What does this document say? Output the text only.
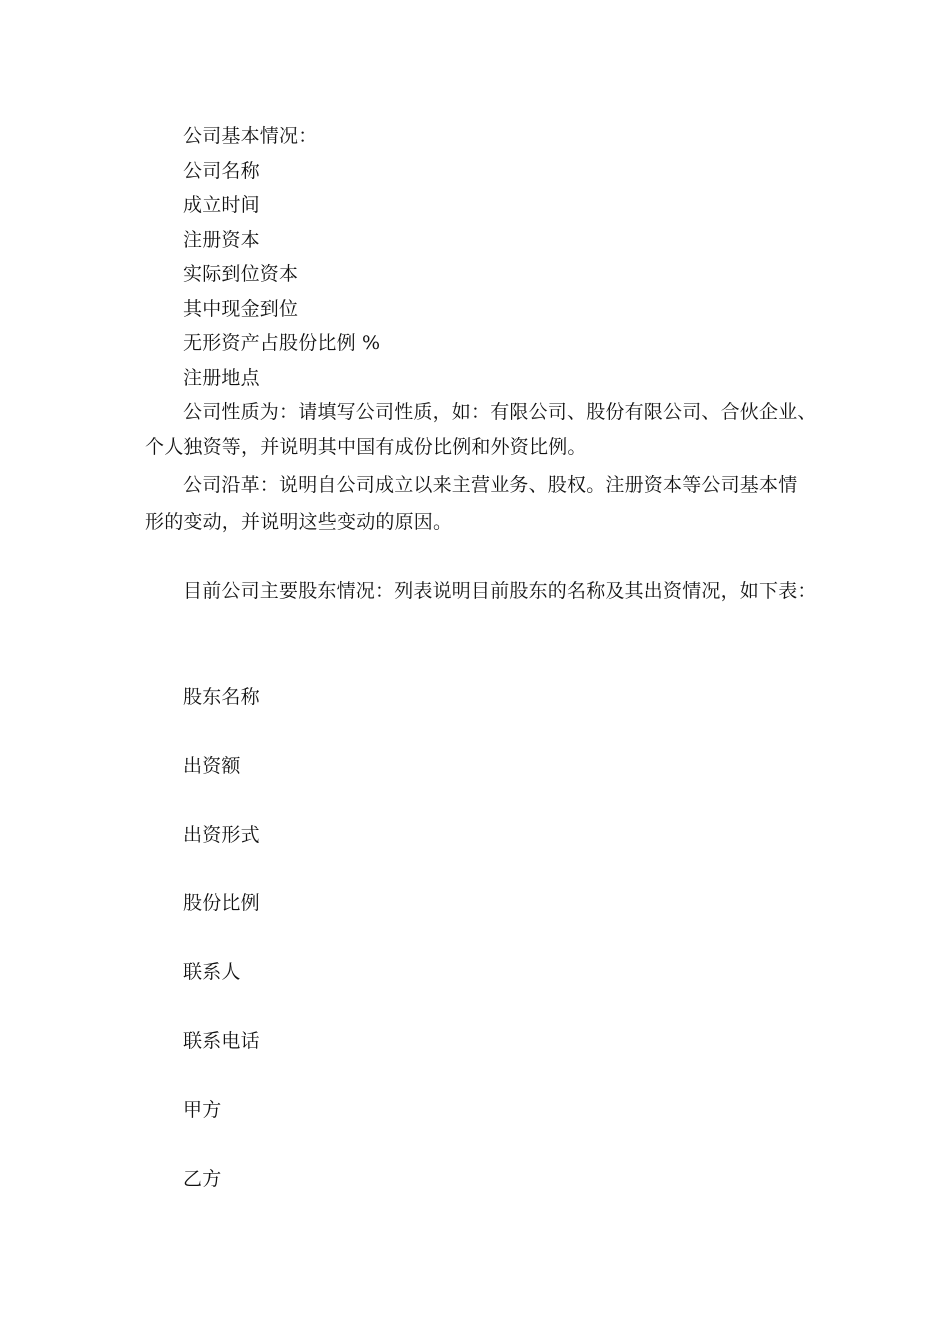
公司基本情况：
公司名称
成立时间
注册资本
实际到位资本
其中现金到位
无形资产占股份比例 %
注册地点
公司性质为：请填写公司性质，如：有限公司、股份有限公司、合伙企业、
个人独资等，并说明其中国有成份比例和外资比例。
公司沿革：说明自公司成立以来主营业务、股权。注册资本等公司基本情
形的变动，并说明这些变动的原因。
目前公司主要股东情况：列表说明目前股东的名称及其出资情况，如下表：
股东名称
出资额
出资形式
股份比例
联系人
联系电话
甲方
乙方
